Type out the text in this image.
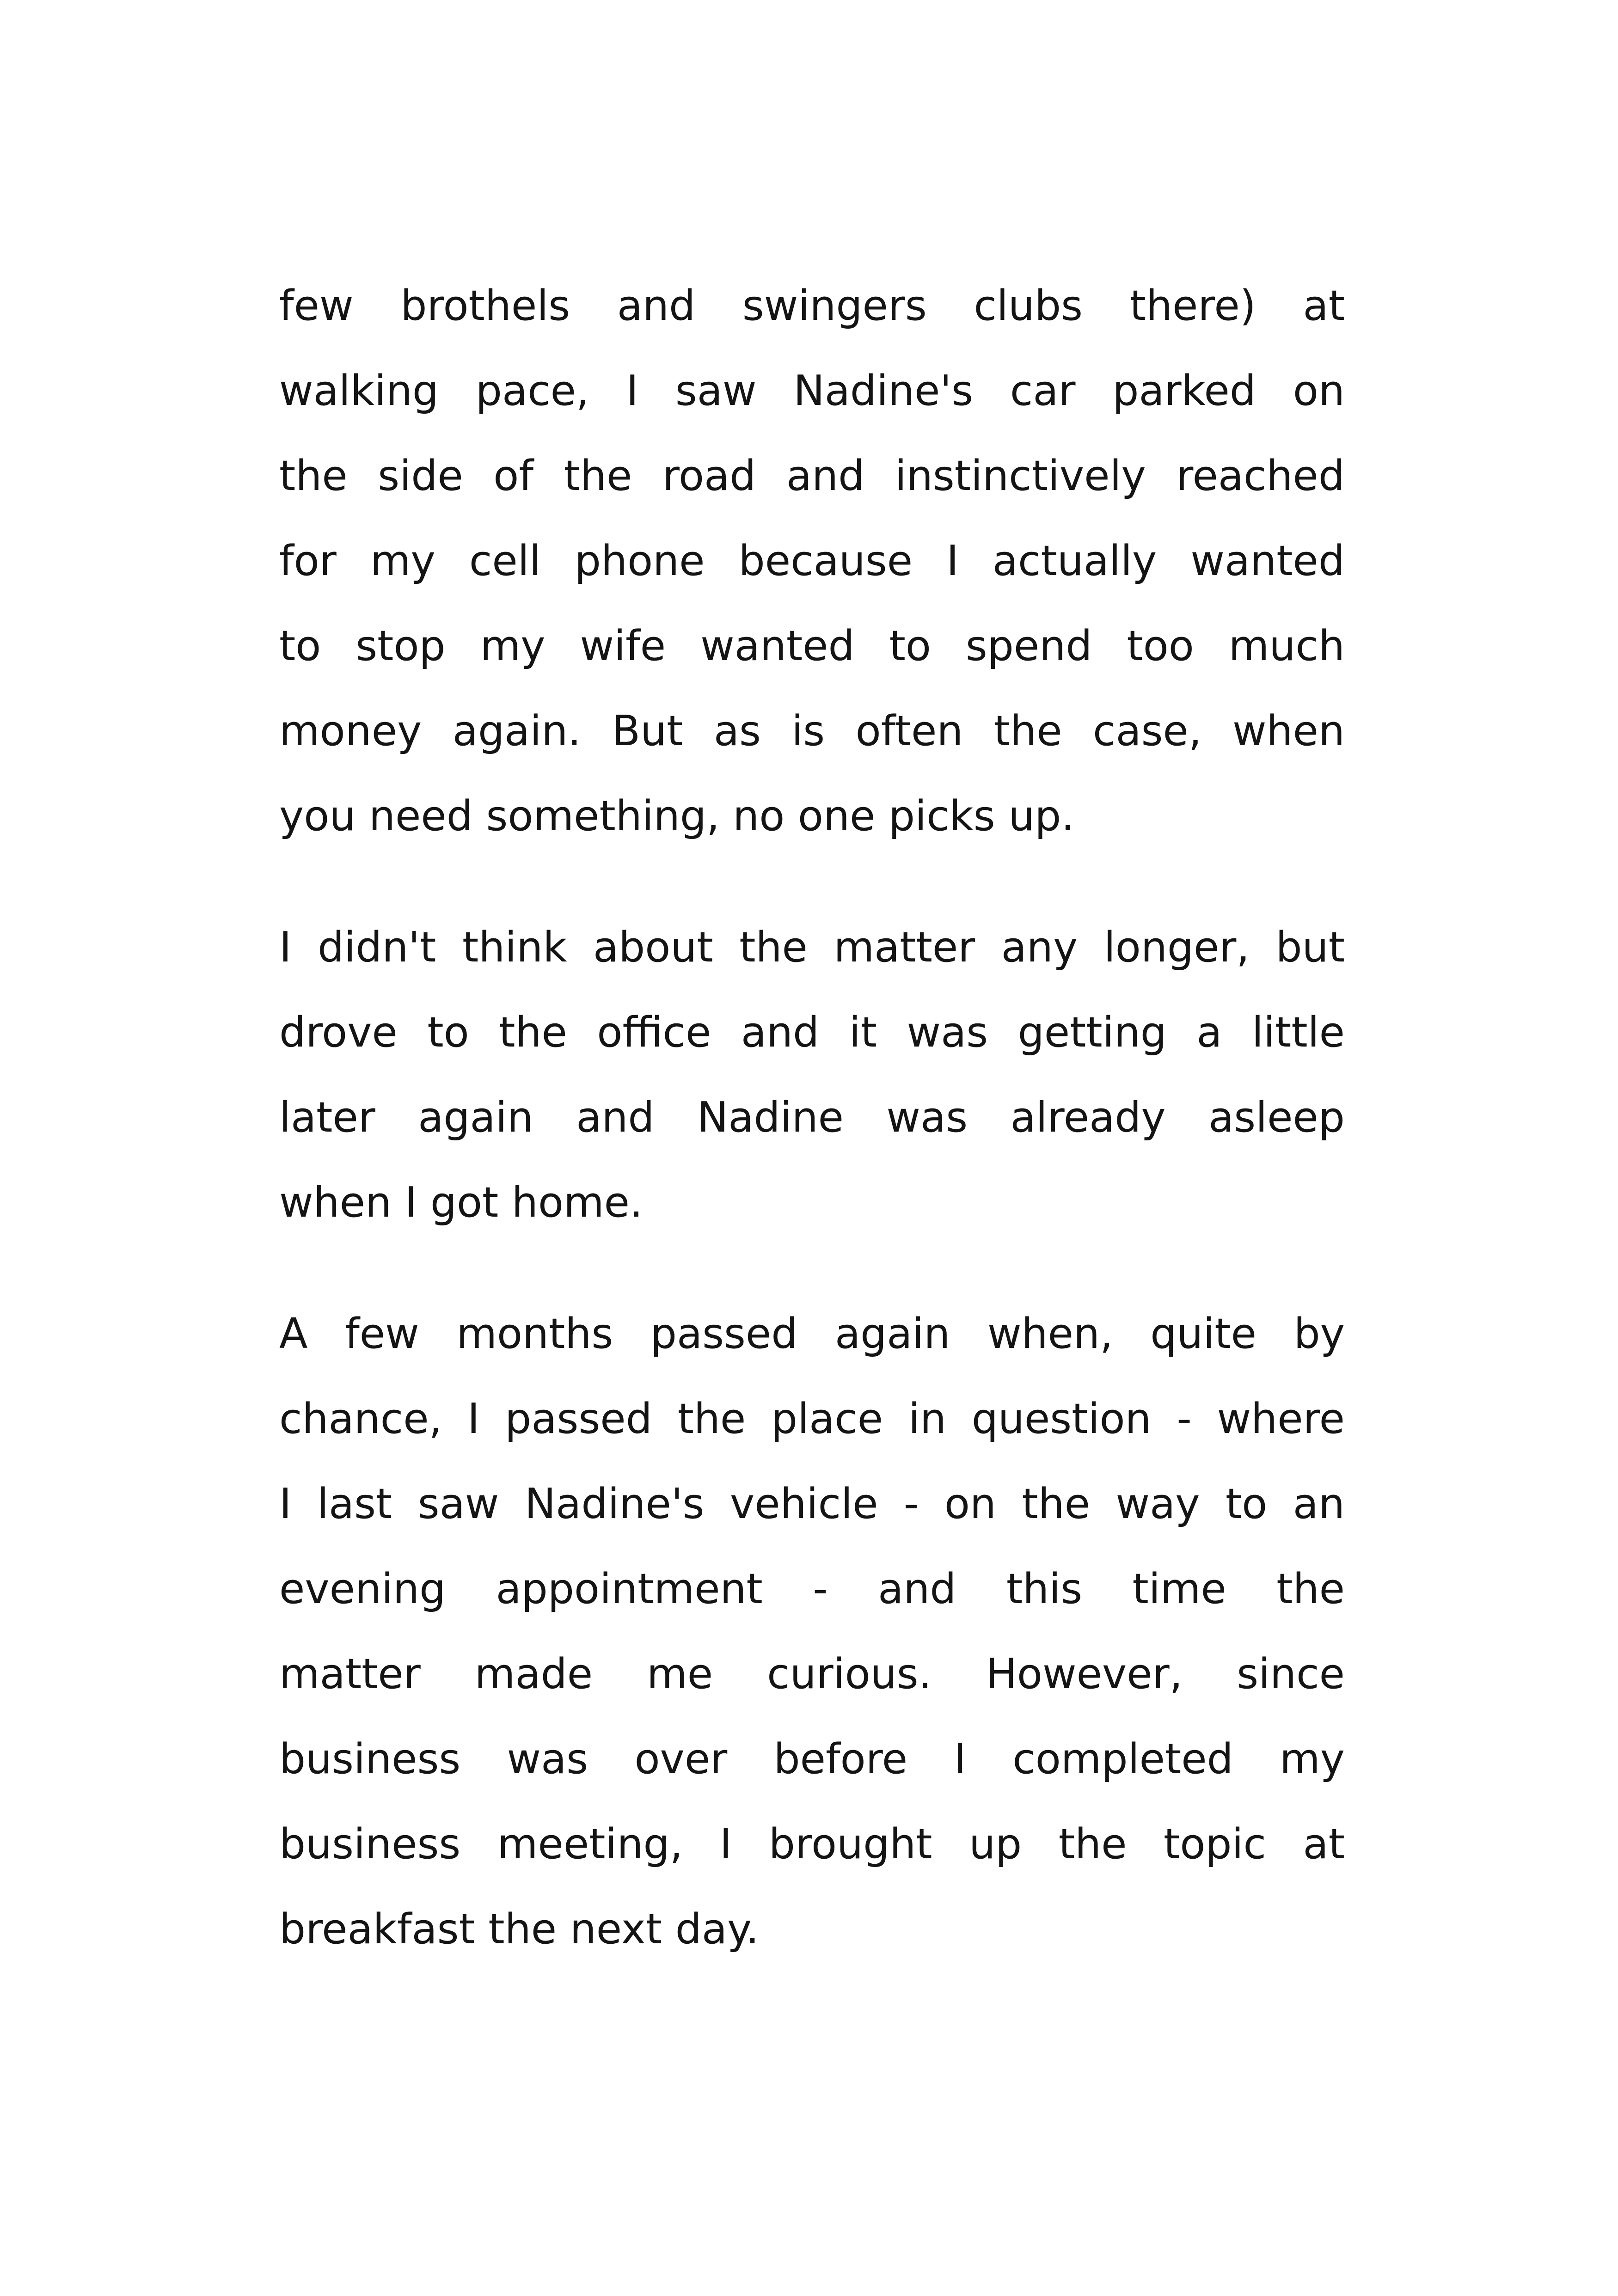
few brothels and swingers clubs there) at
walking pace, I saw Nadine's car parked on
the side of the road and instinctively reached
for my cell phone because I actually wanted
to stop my wife wanted to spend too much
money again. But as is often the case, when
you need something, no one picks up.
I didn't think about the matter any longer, but
drove to the office and it was getting a little
later again and Nadine was already asleep
when I got home.
A few months passed again when, quite by
chance, I passed the place in question - where
I last saw Nadine's vehicle - on the way to an
evening appointment - and this time the
matter made me curious. However, since
business was over before I completed my
business meeting, I brought up the topic at
breakfast the next day.
